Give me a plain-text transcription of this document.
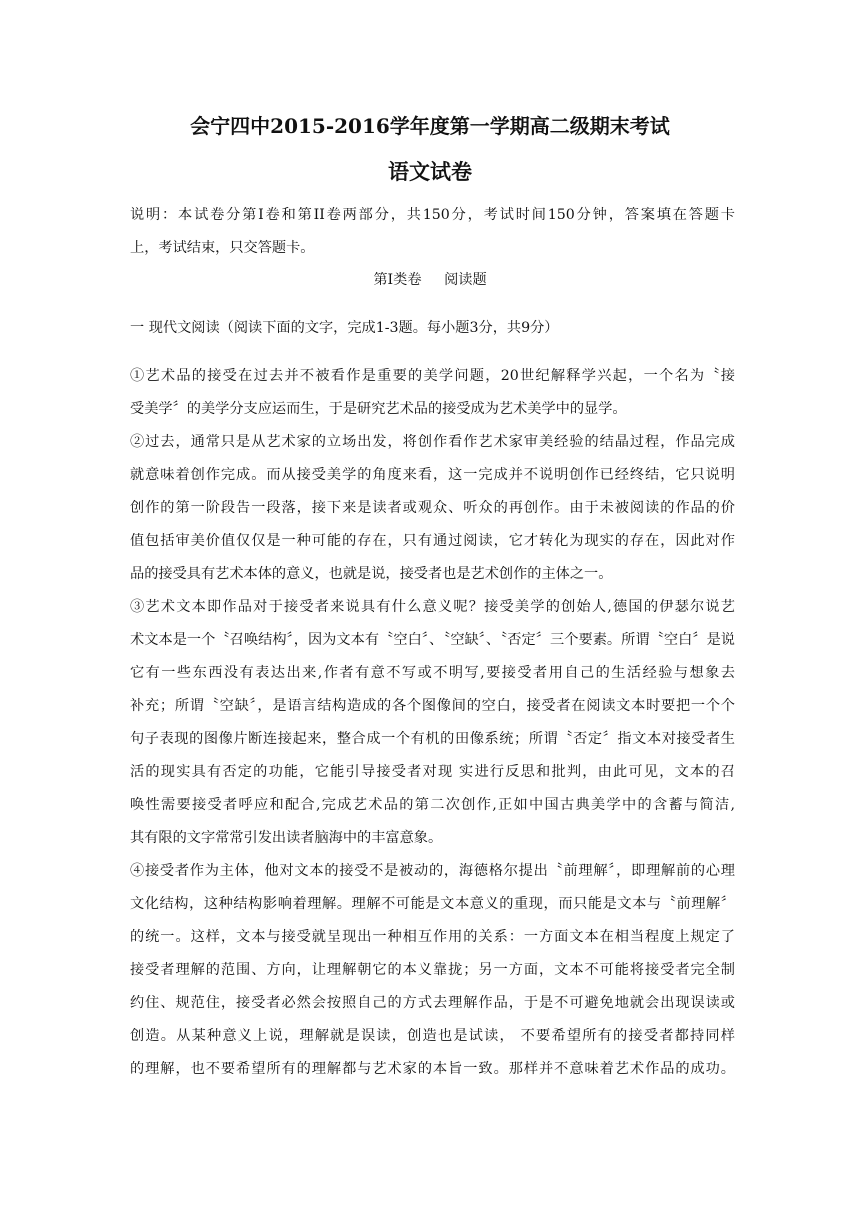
会宁四中2015-2016学年度第一学期高二级期末考试
语文试卷
说明：本试卷分第Ⅰ卷和第II卷两部分，共150分，考试时间150分钟，答案填在答题卡
上，考试结束，只交答题卡。
第Ⅰ类卷     阅读题
一 现代文阅读（阅读下面的文字，完成1-3题。每小题3分，共9分）
①艺术品的接受在过去并不被看作是重要的美学问题，20世纪解释学兴起，一个名为〝接
受美学〞的美学分支应运而生，于是研究艺术品的接受成为艺术美学中的显学。
②过去，通常只是从艺术家的立场出发，将创作看作艺术家审美经验的结晶过程，作品完成
就意味着创作完成。而从接受美学的角度来看，这一完成并不说明创作已经终结，它只说明
创作的第一阶段告一段落，接下来是读者或观众、听众的再创作。由于未被阅读的作品的价
值包括审美价值仅仅是一种可能的存在，只有通过阅读，它才转化为现实的存在，因此对作
品的接受具有艺术本体的意义，也就是说，接受者也是艺术创作的主体之一。
③艺术文本即作品对于接受者来说具有什么意义呢？接受美学的创始人,德国的伊瑟尔说艺
术文本是一个〝召唤结构〞，因为文本有〝空白〞、〝空缺〞、〝否定〞三个要素。所谓〝空白〞是说
它有一些东西没有表达出来,作者有意不写或不明写,要接受者用自己的生活经验与想象去
补充；所谓〝空缺〞，是语言结构造成的各个图像间的空白，接受者在阅读文本时要把一个个
句子表现的图像片断连接起来，整合成一个有机的田像系统；所谓〝否定〞指文本对接受者生
活的现实具有否定的功能，它能引导接受者对现 实进行反思和批判，由此可见，文本的召
唤性需要接受者呼应和配合,完成艺术品的第二次创作,正如中国古典美学中的含蓄与简洁,
其有限的文字常常引发出读者脑海中的丰富意象。
④接受者作为主体，他对文本的接受不是被动的，海德格尔提出〝前理解〞，即理解前的心理
文化结构，这种结构影响着理解。理解不可能是文本意义的重现，而只能是文本与〝前理解〞
的统一。这样，文本与接受就呈现出一种相互作用的关系：一方面文本在相当程度上规定了
接受者理解的范围、方向，让理解朝它的本义靠拢；另一方面，文本不可能将接受者完全制
约住、规范住，接受者必然会按照自己的方式去理解作品，于是不可避免地就会出现误读或
创造。从某种意义上说，理解就是误读，创造也是试读， 不要希望所有的接受者都持同样
的理解，也不要希望所有的理解都与艺术家的本旨一致。那样并不意味着艺术作品的成功。
